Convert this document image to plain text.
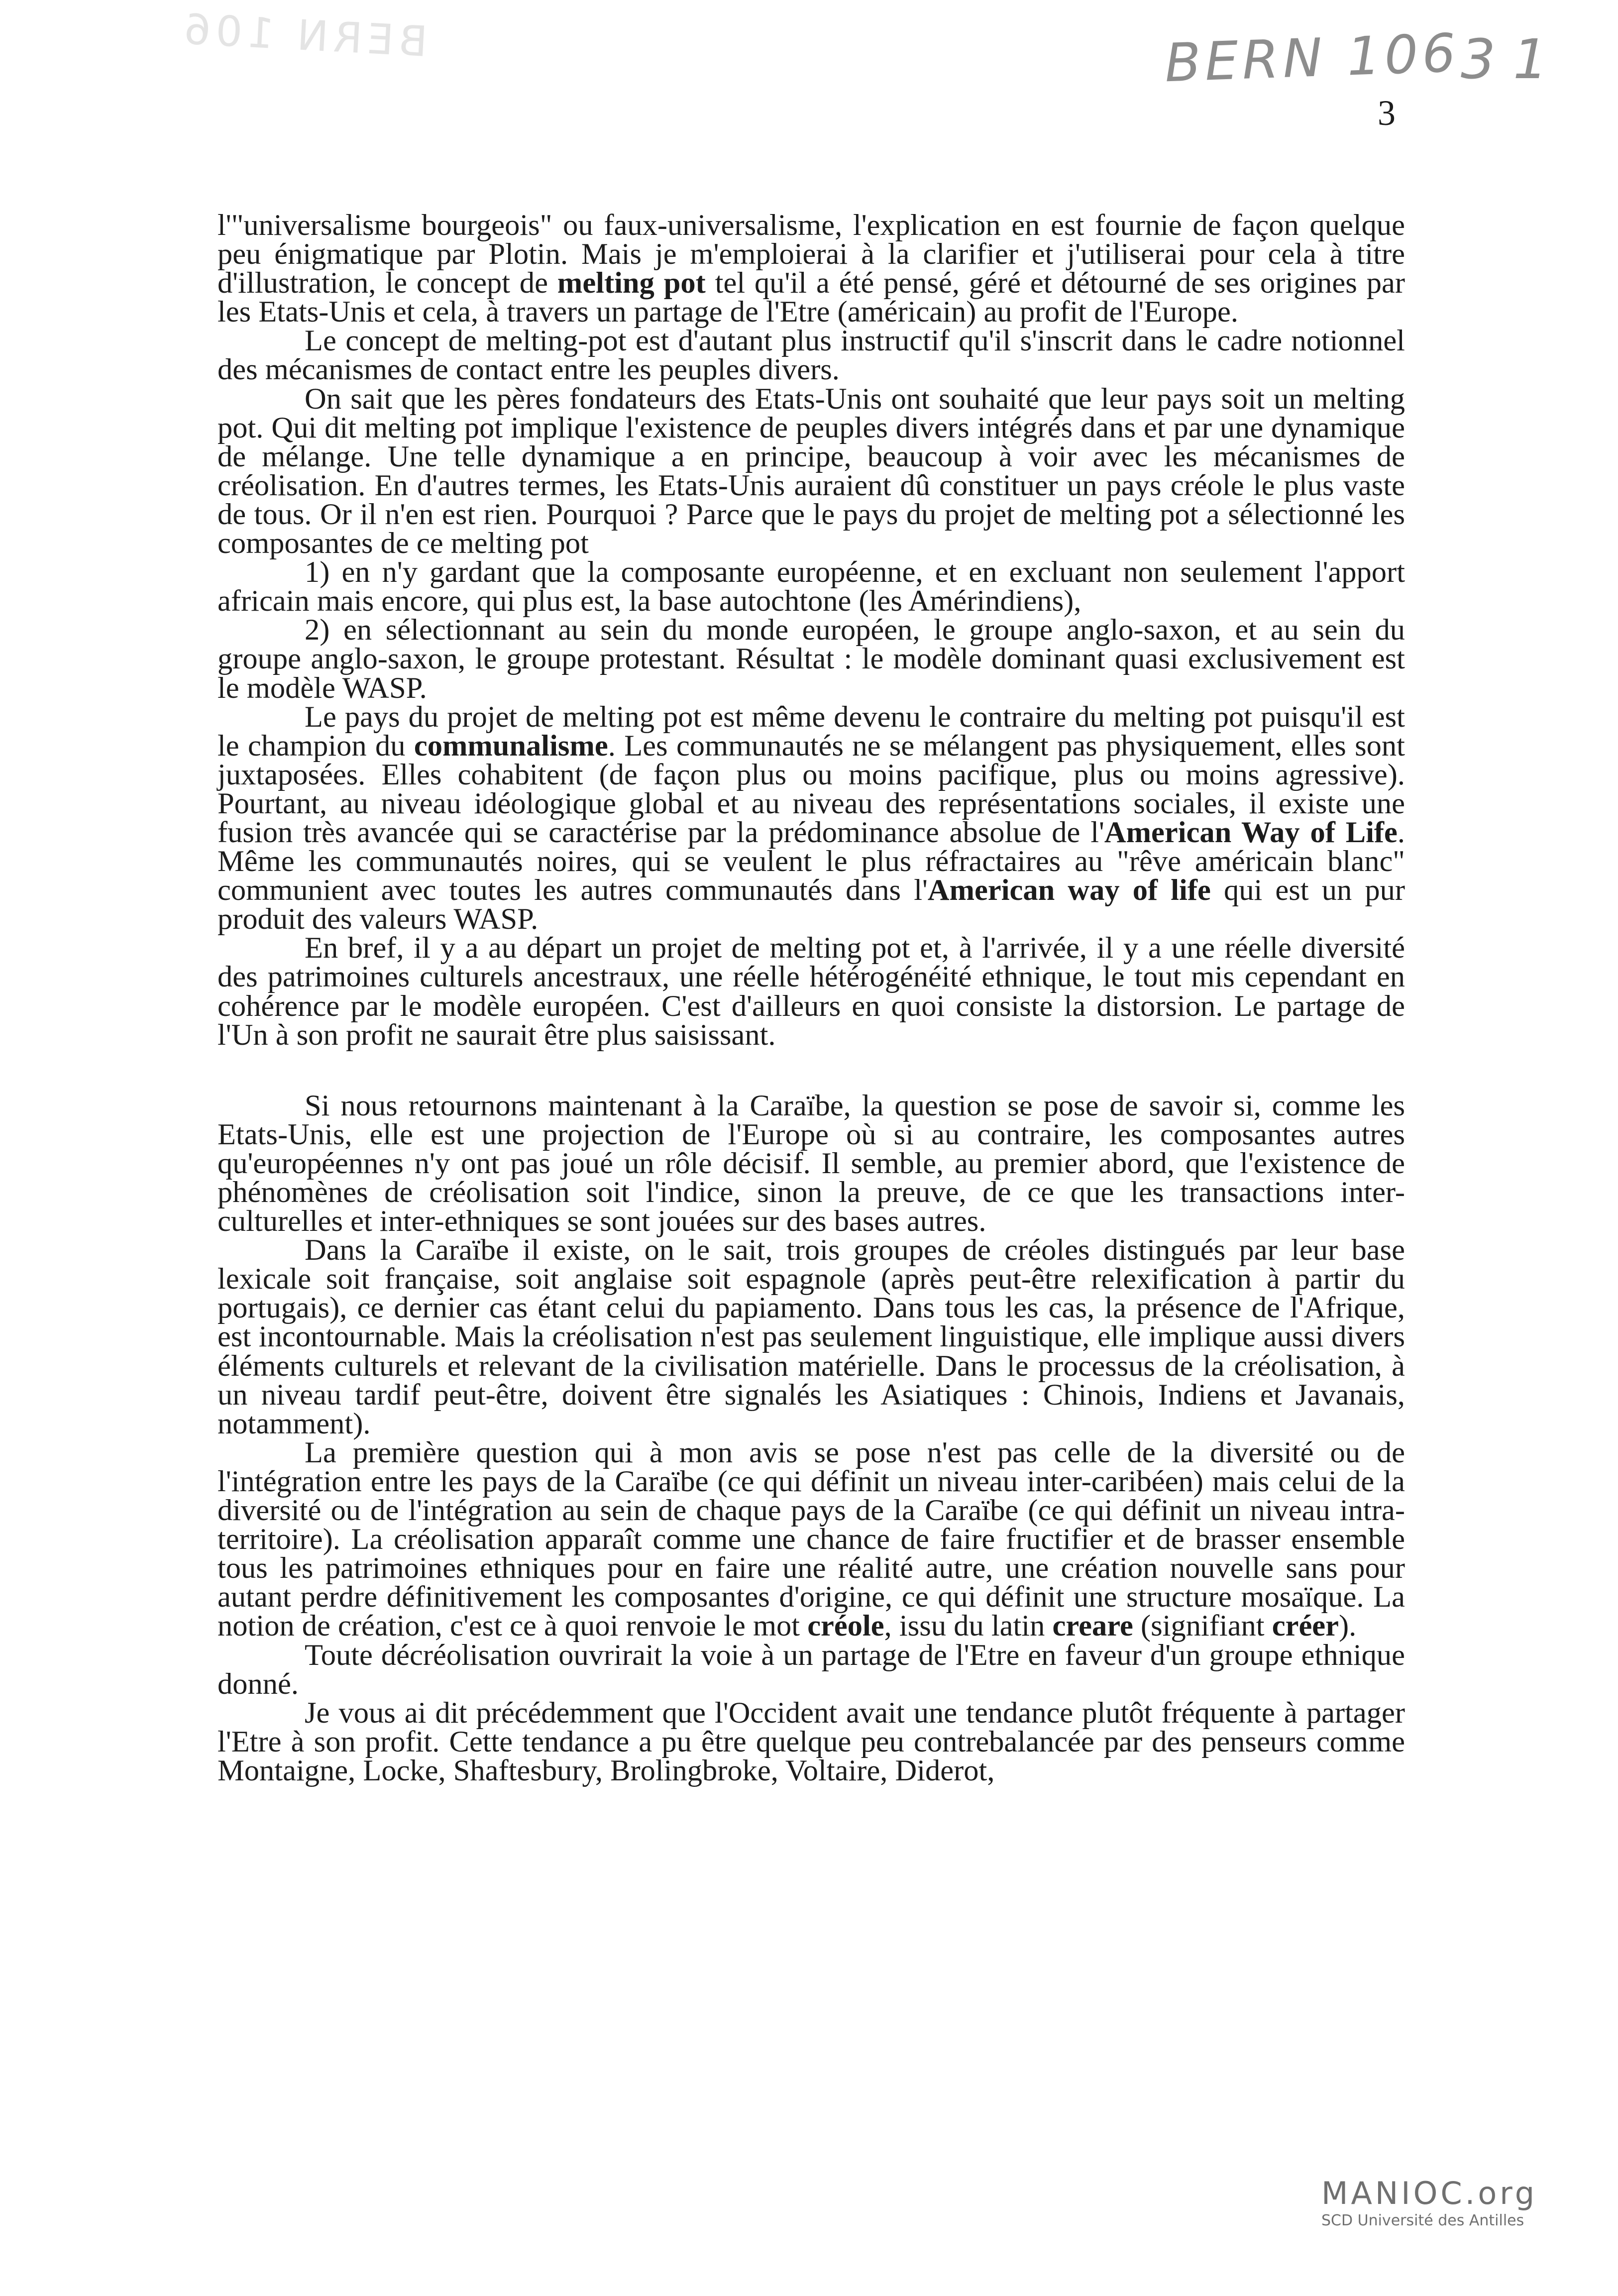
BERN 106	BERN 106 3 1
3

l'"universalisme bourgeois" ou faux-universalisme, l'explication en est fournie de façon quelque peu énigmatique par Plotin. Mais je m'emploierai à la clarifier et j'utiliserai pour cela à titre d'illustration, le concept de melting pot tel qu'il a été pensé, géré et détourné de ses origines par les Etats-Unis et cela, à travers un partage de l'Etre (américain) au profit de l'Europe.

Le concept de melting-pot est d'autant plus instructif qu'il s'inscrit dans le cadre notionnel des mécanismes de contact entre les peuples divers.

On sait que les pères fondateurs des Etats-Unis ont souhaité que leur pays soit un melting pot. Qui dit melting pot implique l'existence de peuples divers intégrés dans et par une dynamique de mélange. Une telle dynamique a en principe, beaucoup à voir avec les mécanismes de créolisation. En d'autres termes, les Etats-Unis auraient dû constituer un pays créole le plus vaste de tous. Or il n'en est rien. Pourquoi ? Parce que le pays du projet de melting pot a sélectionné les composantes de ce melting pot

1) en n'y gardant que la composante européenne, et en excluant non seulement l'apport africain mais encore, qui plus est, la base autochtone (les Amérindiens),

2) en sélectionnant au sein du monde européen, le groupe anglo-saxon, et au sein du groupe anglo-saxon, le groupe protestant. Résultat : le modèle dominant quasi exclusivement est le modèle WASP.

Le pays du projet de melting pot est même devenu le contraire du melting pot puisqu'il est le champion du communalisme. Les communautés ne se mélangent pas physiquement, elles sont juxtaposées. Elles cohabitent (de façon plus ou moins pacifique, plus ou moins agressive). Pourtant, au niveau idéologique global et au niveau des représentations sociales, il existe une fusion très avancée qui se caractérise par la prédominance absolue de l'American Way of Life. Même les communautés noires, qui se veulent le plus réfractaires au "rêve américain blanc" communient avec toutes les autres communautés dans l'American way of life qui est un pur produit des valeurs WASP.

En bref, il y a au départ un projet de melting pot et, à l'arrivée, il y a une réelle diversité des patrimoines culturels ancestraux, une réelle hétérogénéité ethnique, le tout mis cependant en cohérence par le modèle européen. C'est d'ailleurs en quoi consiste la distorsion. Le partage de l'Un à son profit ne saurait être plus saisissant.

Si nous retournons maintenant à la Caraïbe, la question se pose de savoir si, comme les Etats-Unis, elle est une projection de l'Europe où si au contraire, les composantes autres qu'européennes n'y ont pas joué un rôle décisif. Il semble, au premier abord, que l'existence de phénomènes de créolisation soit l'indice, sinon la preuve, de ce que les transactions inter-culturelles et inter-ethniques se sont jouées sur des bases autres.

Dans la Caraïbe il existe, on le sait, trois groupes de créoles distingués par leur base lexicale soit française, soit anglaise soit espagnole (après peut-être relexification à partir du portugais), ce dernier cas étant celui du papiamento. Dans tous les cas, la présence de l'Afrique, est incontournable. Mais la créolisation n'est pas seulement linguistique, elle implique aussi divers éléments culturels et relevant de la civilisation matérielle. Dans le processus de la créolisation, à un niveau tardif peut-être, doivent être signalés les Asiatiques : Chinois, Indiens et Javanais, notamment).

La première question qui à mon avis se pose n'est pas celle de la diversité ou de l'intégration entre les pays de la Caraïbe (ce qui définit un niveau inter-caribéen) mais celui de la diversité ou de l'intégration au sein de chaque pays de la Caraïbe (ce qui définit un niveau intra-territoire). La créolisation apparaît comme une chance de faire fructifier et de brasser ensemble tous les patrimoines ethniques pour en faire une réalité autre, une création nouvelle sans pour autant perdre définitivement les composantes d'origine, ce qui définit une structure mosaïque. La notion de création, c'est ce à quoi renvoie le mot créole, issu du latin creare (signifiant créer).

Toute décréolisation ouvrirait la voie à un partage de l'Etre en faveur d'un groupe ethnique donné.

Je vous ai dit précédemment que l'Occident avait une tendance plutôt fréquente à partager l'Etre à son profit. Cette tendance a pu être quelque peu contrebalancée par des penseurs comme Montaigne, Locke, Shaftesbury, Brolingbroke, Voltaire, Diderot,

MANIOC.org
SCD Université des Antilles
